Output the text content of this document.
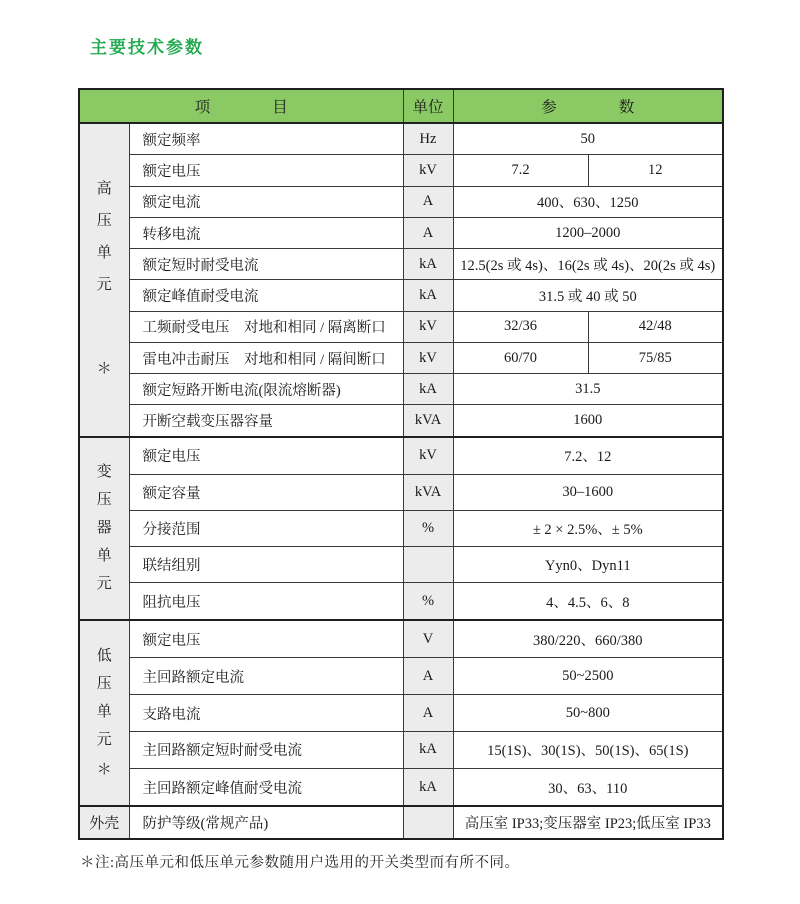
主要技术参数
项　　　　目		单位	参　　　　数	

高
压
单
元
＊	额定频率	Hz	50	
	额定电压	kV	7.2	12
	额定电流	A	400、630、1250	
	转移电流	A	1200–2000	
	额定短时耐受电流	kA	12.5(2s 或 4s)、16(2s 或 4s)、20(2s 或 4s)	
	额定峰值耐受电流	kA	31.5 或 40 或 50	
	工频耐受电压　对地和相同 / 隔离断口	kV	32/36	42/48
	雷电冲击耐压　对地和相同 / 隔间断口	kV	60/70	75/85
	额定短路开断电流(限流熔断器)	kA	31.5	
	开断空载变压器容量	kVA	1600	

变
压
器
单
元	额定电压	kV	7.2、12	
	额定容量	kVA	30–1600	
	分接范围	%	± 2 × 2.5%、± 5%	
	联结组别		Yyn0、Dyn11	
	阻抗电压	%	4、4.5、6、8	

低
压
单
元
＊	额定电压	V	380/220、660/380	
	主回路额定电流	A	50~2500	
	支路电流	A	50~800	
	主回路额定短时耐受电流	kA	15(1S)、30(1S)、50(1S)、65(1S)	
	主回路额定峰值耐受电流	kA	30、63、110	
外壳	防护等级(常规产品)		高压室 IP33;变压器室 IP23;低压室 IP33	
＊注:高压单元和低压单元参数随用户选用的开关类型而有所不同。
